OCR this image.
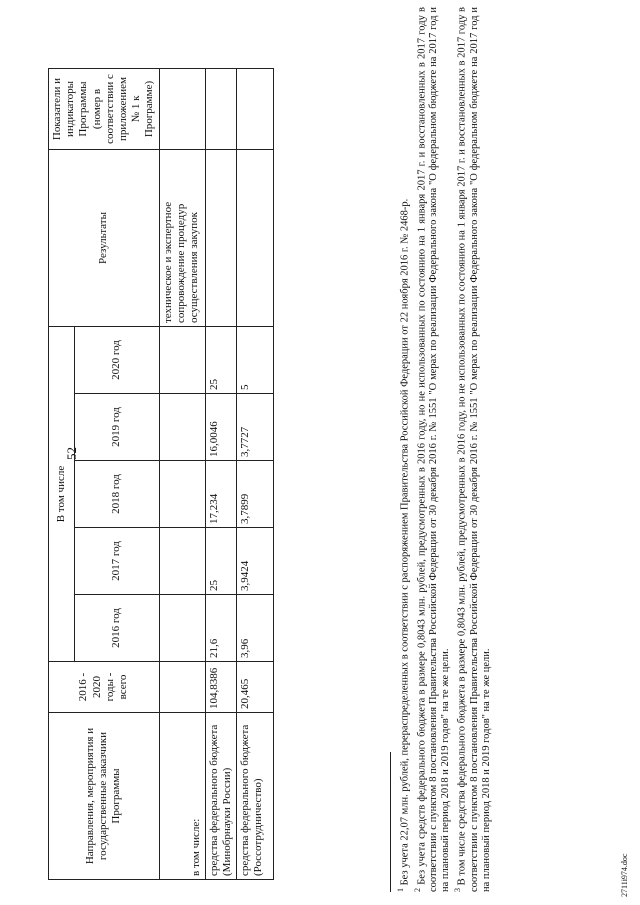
52
Направления, мероприятия и государственные заказчики Программы	2016 - 2020 годы - всего	В том числе					Результаты	Показатели и индикаторы Программы (номер в соответствии с приложением № 1 к Программе)
		2016 год	2017 год	2018 год	2019 год	2020 год		
в том числе:							техническое и экспертное сопровождение процедур осуществления закупок	
средства федерального бюджета (Минобрнауки России)	104,8386	21,6	25	17,234	16,0046	25		
средства федерального бюджета (Россотрудничество)	20,465	3,96	3,9424	3,7899	3,7727	5		

$^1$ Без учета 22,07 млн. рублей, перераспределенных в соответствии с распоряжением Правительства Российской Федерации от 22 ноября 2016 г. № 2468-р.

$^2$ Без учета средств федерального бюджета в размере 0,8043 млн. рублей, предусмотренных в 2016 году, но не использованных по состоянию на 1 января 2017 г. и восстановленных в 2017 году в соответствии с пунктом 8 постановления Правительства Российской Федерации от 30 декабря 2016 г. № 1551 "О мерах по реализации Федерального закона "О федеральном бюджете на 2017 год и на плановый период 2018 и 2019 годов" на те же цели. $^3$ В том числе средства федерального бюджета в размере 0,8043 млн. рублей, предусмотренных в 2016 году, но не использованных по состоянию на 1 января 2017 г. и восстановленных в 2017 году в соответствии с пунктом 8 постановления Правительства Российской Федерации от 30 декабря 2016 г. № 1551 "О мерах по реализации Федерального закона "О федеральном бюджете на 2017 год и на плановый период 2018 и 2019 годов" на те же цели.	2711i974.doc
